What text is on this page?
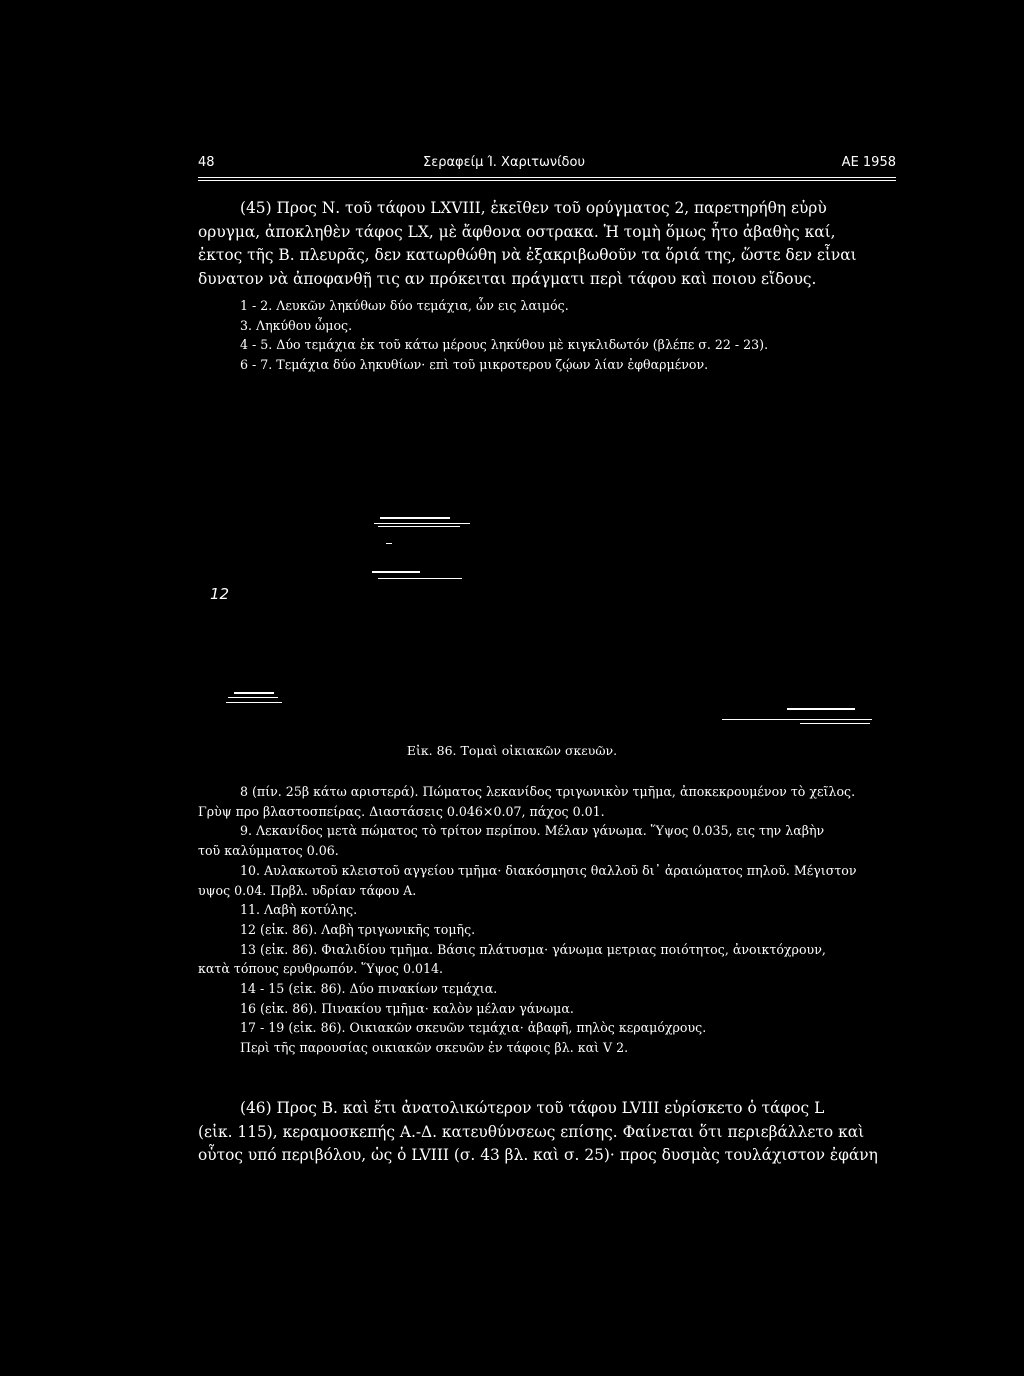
48	Σεραφείμ Ί. Χαριτωνίδου	ΑΕ 1958

(45) Προς Ν. τοῦ τάφου LXVIII, ἐκεῖθεν τοῦ ορύγματος 2, παρετηρήθη εὐρὺ

ορυγμα, ἀποκληθὲν τάφος LX, μὲ ἄφθονα οστρακα. Ἡ τομὴ ὅμως ἦτο ἀβαθὴς καί,

ἐκτος τῆς Β. πλευρᾶς, δεν κατωρθώθη νὰ ἐξακριβωθοῦν τα ὅριά της, ὥστε δεν εἶναι

δυνατον νὰ ἀποφανθῇ τις αν πρόκειται πράγματι περὶ τάφου καὶ ποιου εἴδους.

1 - 2. Λευκῶν ληκύθων δύο τεμάχια, ὧν εις λαιμός.

3. Ληκύθου ὦμος.

4 - 5. Δύο τεμάχια ἐκ τοῦ κάτω μέρους ληκύθου μὲ κιγκλιδωτόν (βλέπε σ. 22 - 23).

6 - 7. Τεμάχια δύο ληκυθίων· επὶ τοῦ μικροτερου ζῴων λίαν ἐφθαρμένον.

12
Εἰκ. 86. Τομαὶ οἰκιακῶν σκευῶν.

8 (πίν. 25β κάτω αριστερά). Πώματος λεκανίδος τριγωνικὸν τμῆμα, ἀποκεκρουμένον τὸ χεῖλος.

Γρὺψ προ βλαστοσπείρας. Διαστάσεις 0.046×0.07, πάχος 0.01.

9. Λεκανίδος μετὰ πώματος τὸ τρίτον περίπου. Μέλαν γάνωμα. Ὕψος 0.035, εις την λαβὴν

τοῦ καλύμματος 0.06.

10. Αυλακωτοῦ κλειστοῦ αγγείου τμῆμα· διακόσμησις θαλλοῦ δι᾽ ἀραιώματος πηλοῦ. Μέγιστον

υψος 0.04. Πρβλ. υδρίαν τάφου Α.

11. Λαβὴ κοτύλης.

12 (εἰκ. 86). Λαβὴ τριγωνικῆς τομῆς.

13 (εἰκ. 86). Φιαλιδίου τμῆμα. Βάσις πλάτυσμα· γάνωμα μετριας ποιότητος, ἀνοικτόχρουν,

κατὰ τόπους ερυθρωπόν. Ὕψος 0.014.

14 - 15 (εἰκ. 86). Δύο πινακίων τεμάχια.

16 (εἰκ. 86). Πινακίου τμῆμα· καλὸν μέλαν γάνωμα.

17 - 19 (εἰκ. 86). Οικιακῶν σκευῶν τεμάχια· ἀβαφῆ, πηλὸς κεραμόχρους.

Περὶ τῆς παρουσίας οικιακῶν σκευῶν ἐν τάφοις βλ. καὶ V 2.

(46) Προς Β. καὶ ἔτι ἀνατολικώτερον τοῦ τάφου LVIII εὑρίσκετο ὁ τάφος L

(εἰκ. 115), κεραμοσκεπής Α.-Δ. κατευθύνσεως επίσης. Φαίνεται ὅτι περιεβάλλετο καὶ

οὗτος υπό περιβόλου, ὡς ὁ LVIII (σ. 43 βλ. καὶ σ. 25)· προς δυσμὰς τουλάχιστον ἐφάνη
